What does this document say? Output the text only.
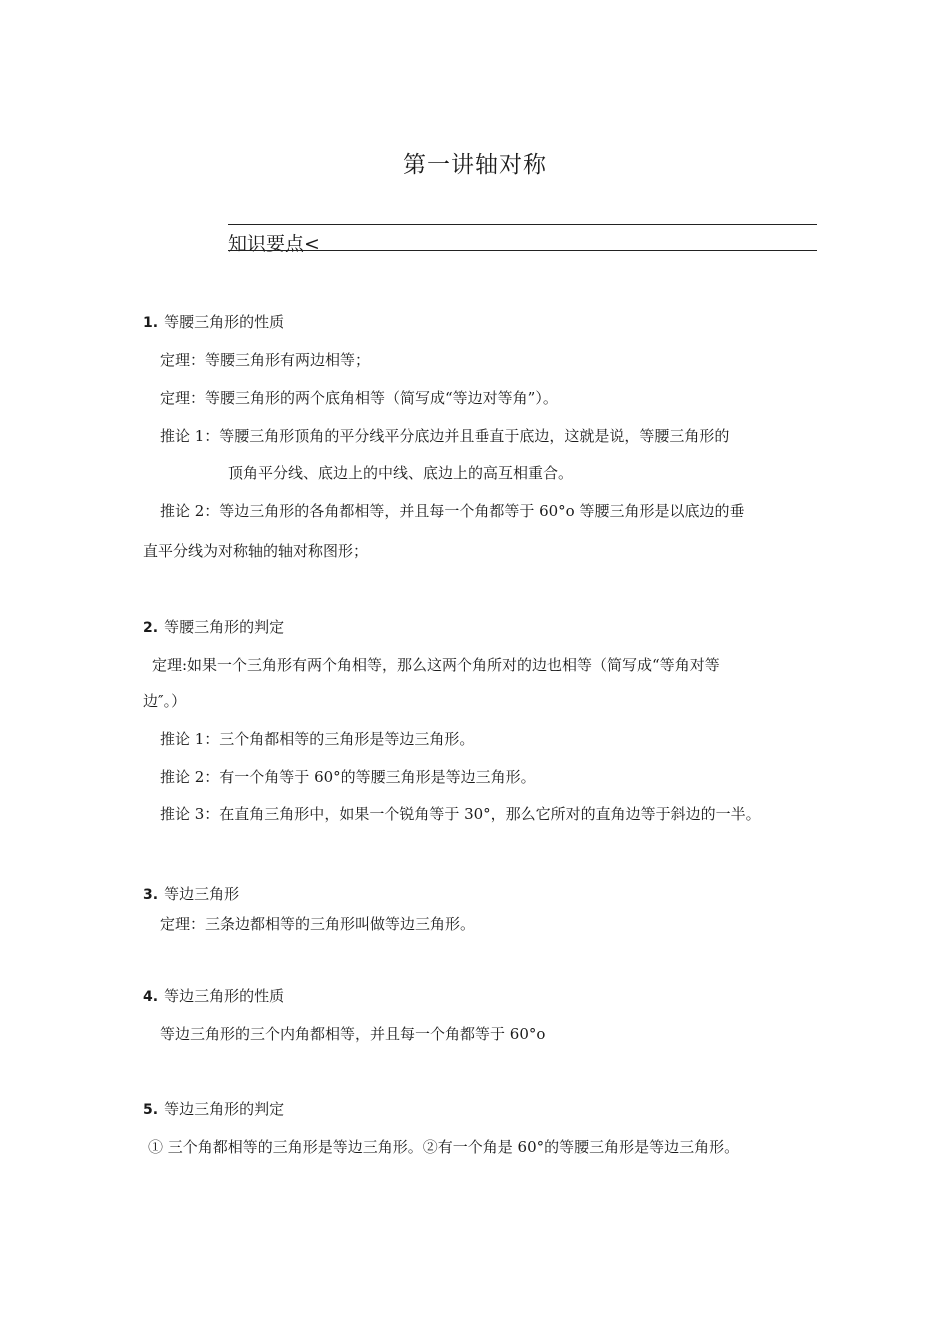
第一讲轴对称
知识要点<
1. 等腰三角形的性质
定理：等腰三角形有两边相等；
定理：等腰三角形的两个底角相等（简写成“等边对等角”）。
推论 1：等腰三角形顶角的平分线平分底边并且垂直于底边，这就是说，等腰三角形的
顶角平分线、底边上的中线、底边上的高互相重合。
推论 2：等边三角形的各角都相等，并且每一个角都等于 60°o 等腰三角形是以底边的垂
直平分线为对称轴的轴对称图形；
2. 等腰三角形的判定
定理:如果一个三角形有两个角相等，那么这两个角所对的边也相等（简写成“等角对等
边″。）
推论 1：三个角都相等的三角形是等边三角形。
推论 2：有一个角等于 60°的等腰三角形是等边三角形。
推论 3：在直角三角形中，如果一个锐角等于 30°，那么它所对的直角边等于斜边的一半。
3. 等边三角形
定理：三条边都相等的三角形叫做等边三角形。
4. 等边三角形的性质
等边三角形的三个内角都相等，并且每一个角都等于 60°o
5. 等边三角形的判定
① 三个角都相等的三角形是等边三角形。②有一个角是 60°的等腰三角形是等边三角形。
